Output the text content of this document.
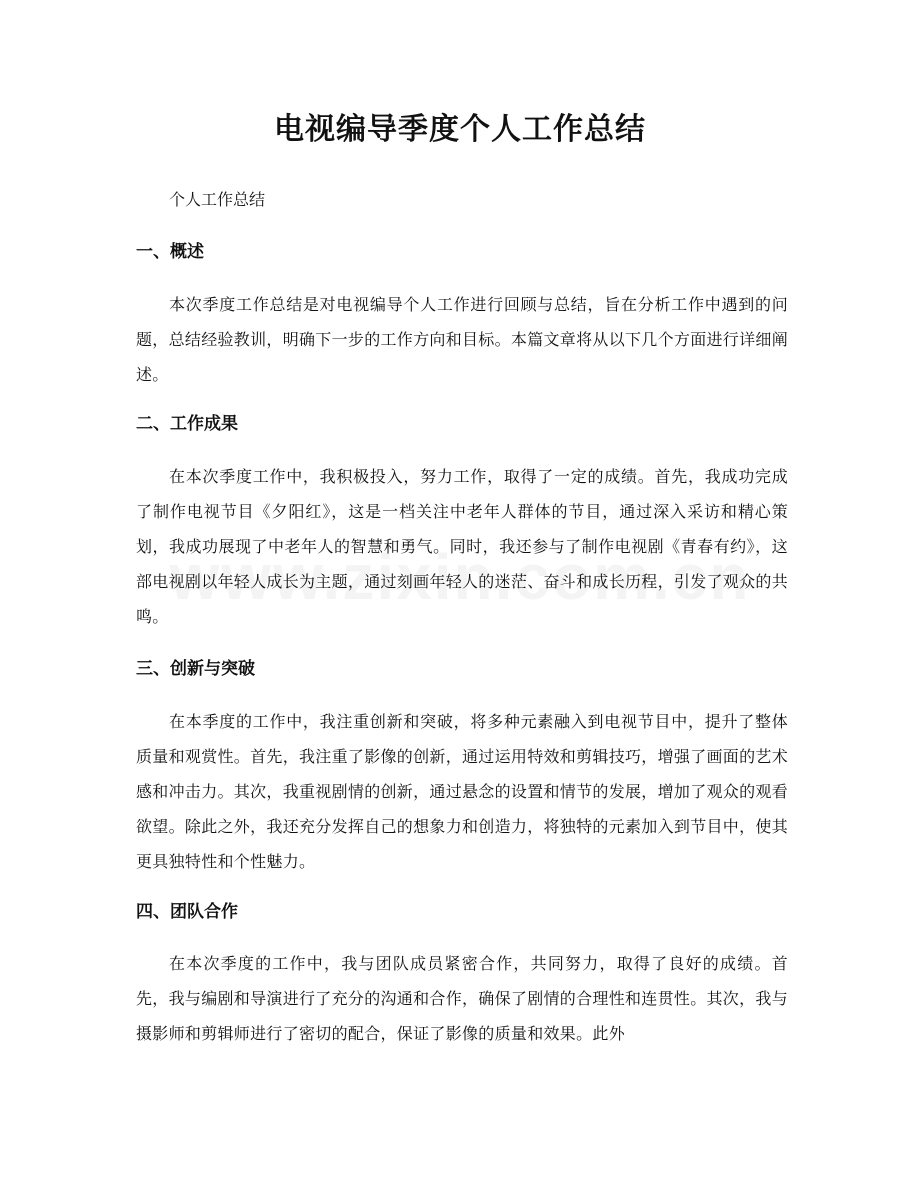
电视编导季度个人工作总结

个人工作总结

一、概述

本次季度工作总结是对电视编导个人工作进行回顾与总结，旨在分析工作中遇到的问题，总结经验教训，明确下一步的工作方向和目标。本篇文章将从以下几个方面进行详细阐述。

二、工作成果

在本次季度工作中，我积极投入，努力工作，取得了一定的成绩。首先，我成功完成了制作电视节目《夕阳红》，这是一档关注中老年人群体的节目，通过深入采访和精心策划，我成功展现了中老年人的智慧和勇气。同时，我还参与了制作电视剧《青春有约》，这部电视剧以年轻人成长为主题，通过刻画年轻人的迷茫、奋斗和成长历程，引发了观众的共鸣。

三、创新与突破

在本季度的工作中，我注重创新和突破，将多种元素融入到电视节目中，提升了整体质量和观赏性。首先，我注重了影像的创新，通过运用特效和剪辑技巧，增强了画面的艺术感和冲击力。其次，我重视剧情的创新，通过悬念的设置和情节的发展，增加了观众的观看欲望。除此之外，我还充分发挥自己的想象力和创造力，将独特的元素加入到节目中，使其更具独特性和个性魅力。

四、团队合作

在本次季度的工作中，我与团队成员紧密合作，共同努力，取得了良好的成绩。首先，我与编剧和导演进行了充分的沟通和合作，确保了剧情的合理性和连贯性。其次，我与摄影师和剪辑师进行了密切的配合，保证了影像的质量和效果。此外
